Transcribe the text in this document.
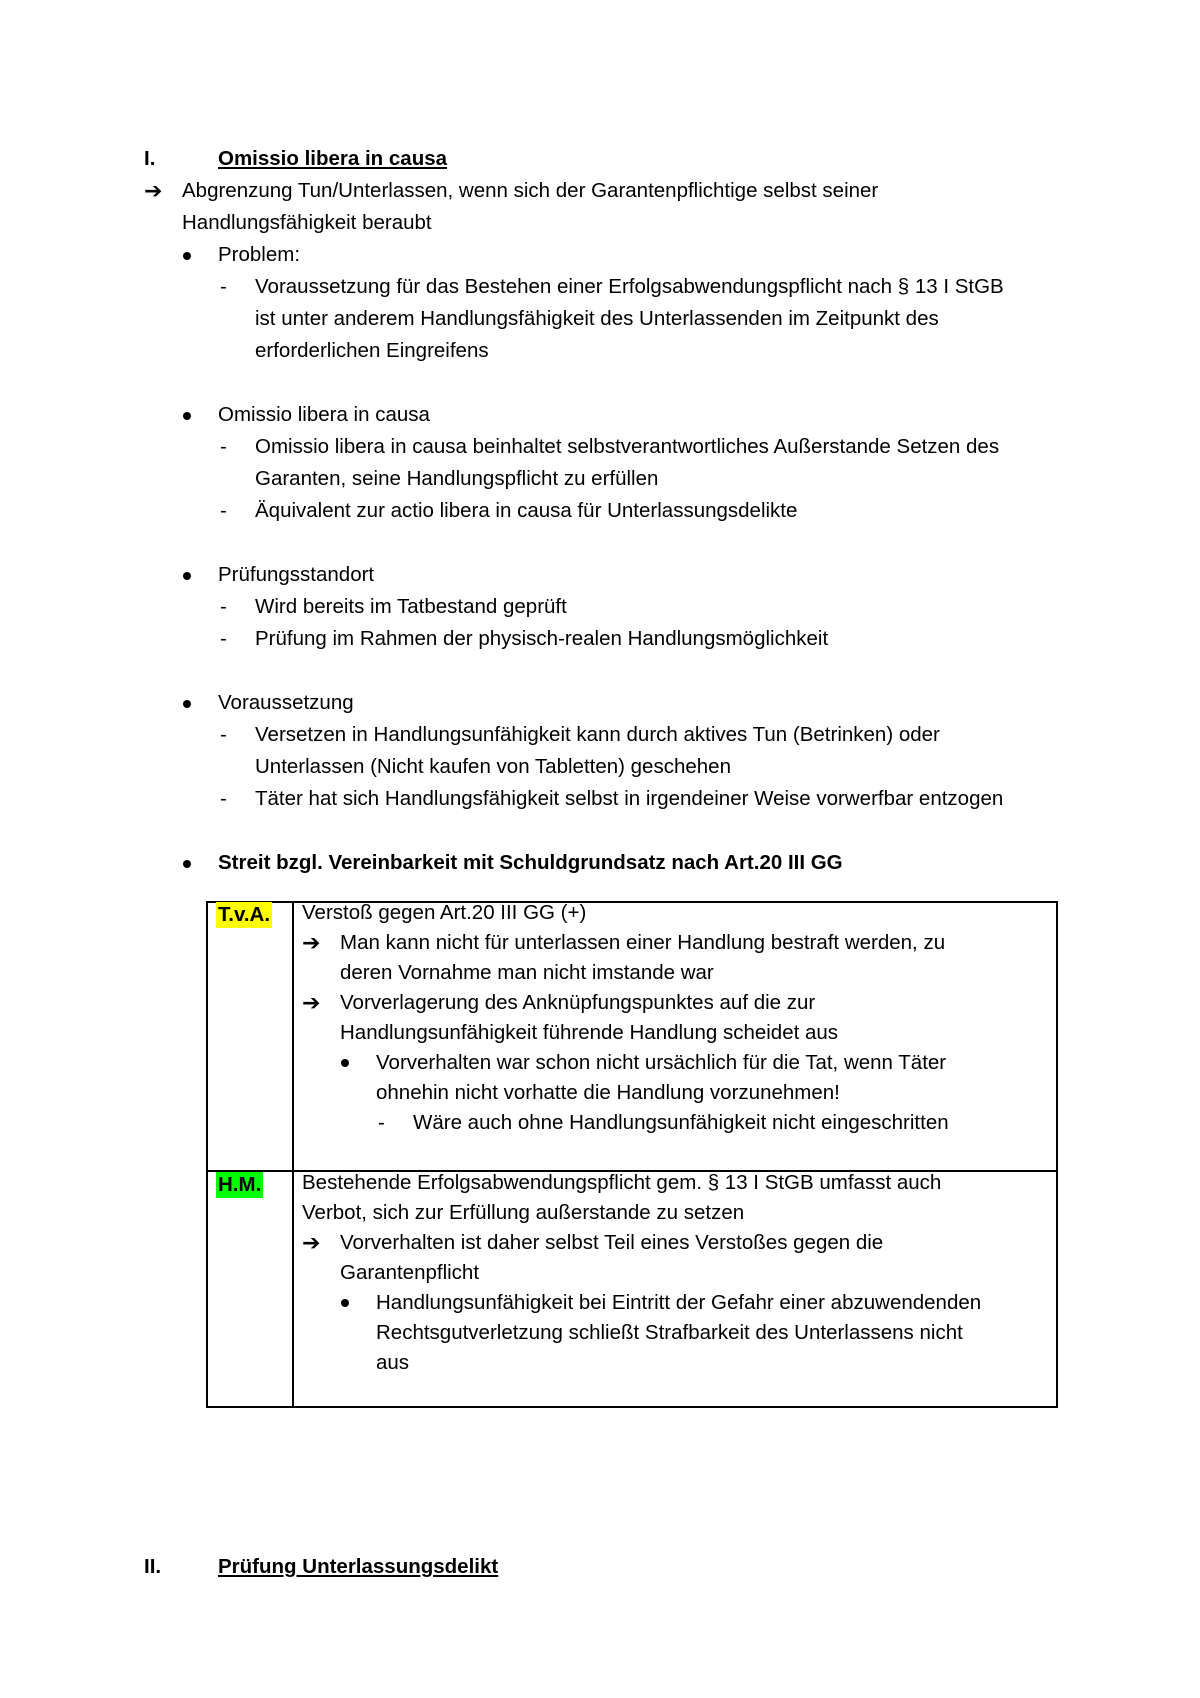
I.	Omissio libera in causa
➔ Abgrenzung Tun/Unterlassen, wenn sich der Garantenpflichtige selbst seiner
Handlungsfähigkeit beraubt
Problem:
- Voraussetzung für das Bestehen einer Erfolgsabwendungspflicht nach § 13 I StGB
ist unter anderem Handlungsfähigkeit des Unterlassenden im Zeitpunkt des
erforderlichen Eingreifens
Omissio libera in causa
- Omissio libera in causa beinhaltet selbstverantwortliches Außerstande Setzen des
Garanten, seine Handlungspflicht zu erfüllen
- Äquivalent zur actio libera in causa für Unterlassungsdelikte
Prüfungsstandort
- Wird bereits im Tatbestand geprüft
- Prüfung im Rahmen der physisch-realen Handlungsmöglichkeit
Voraussetzung
- Versetzen in Handlungsunfähigkeit kann durch aktives Tun (Betrinken) oder
Unterlassen (Nicht kaufen von Tabletten) geschehen
- Täter hat sich Handlungsfähigkeit selbst in irgendeiner Weise vorwerfbar entzogen
Streit bzgl. Vereinbarkeit mit Schuldgrundsatz nach Art.20 III GG
T.v.A. Verstoß gegen Art.20 III GG (+)
➔ Man kann nicht für unterlassen einer Handlung bestraft werden, zu
deren Vornahme man nicht imstande war
➔ Vorverlagerung des Anknüpfungspunktes auf die zur
Handlungsunfähigkeit führende Handlung scheidet aus
Vorverhalten war schon nicht ursächlich für die Tat, wenn Täter
ohnehin nicht vorhatte die Handlung vorzunehmen!
- Wäre auch ohne Handlungsunfähigkeit nicht eingeschritten
H.M. Bestehende Erfolgsabwendungspflicht gem. § 13 I StGB umfasst auch
Verbot, sich zur Erfüllung außerstande zu setzen
➔ Vorverhalten ist daher selbst Teil eines Verstoßes gegen die
Garantenpflicht
Handlungsunfähigkeit bei Eintritt der Gefahr einer abzuwendenden
Rechtsgutverletzung schließt Strafbarkeit des Unterlassens nicht
aus
II.	Prüfung Unterlassungsdelikt
